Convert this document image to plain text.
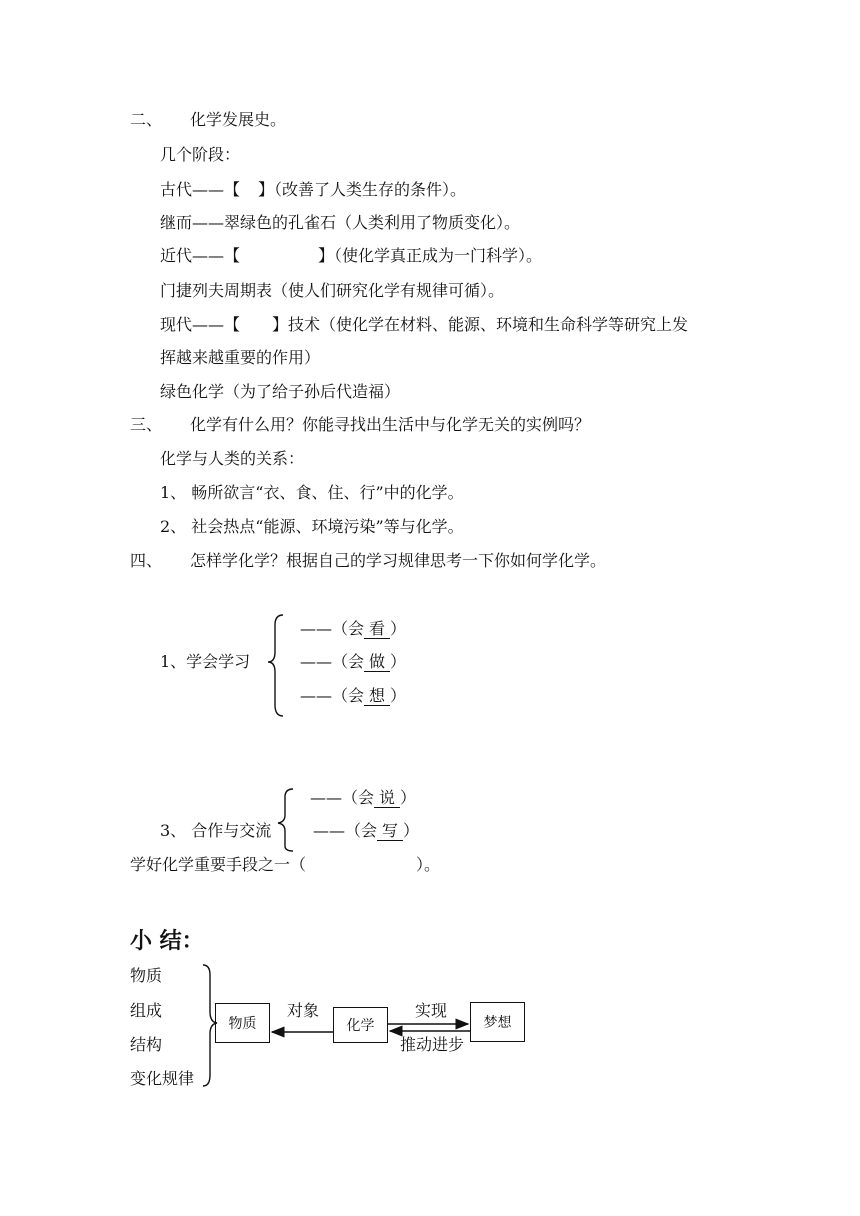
二、 化学发展史。
几个阶段：
古代——【 】（改善了人类生存的条件）。
继而——翠绿色的孔雀石（人类利用了物质变化）。
近代——【	】（使化学真正成为一门科学）。
门捷列夫周期表（使人们研究化学有规律可循）。
现代——【 】技术（使化学在材料、能源、环境和生命科学等研究上发
挥越来越重要的作用）
绿色化学（为了给子孙后代造福）
三、 化学有什么用？你能寻找出生活中与化学无关的实例吗？
化学与人类的关系：
1、 畅所欲言“衣、食、住、行”中的化学。
2、 社会热点“能源、环境污染”等与化学。
四、 怎样学化学？根据自己的学习规律思考一下你如何学化学。
1、学会学习
——（会 看 ）
——（会 做 ）
——（会 想 ）
3、 合作与交流
——（会 说 ）
——（会 写 ）
学好化学重要手段之一（	）。
小 结：
物质
组成
结构
变化规律
物质	化学	梦想
对象	实现
推动进步
